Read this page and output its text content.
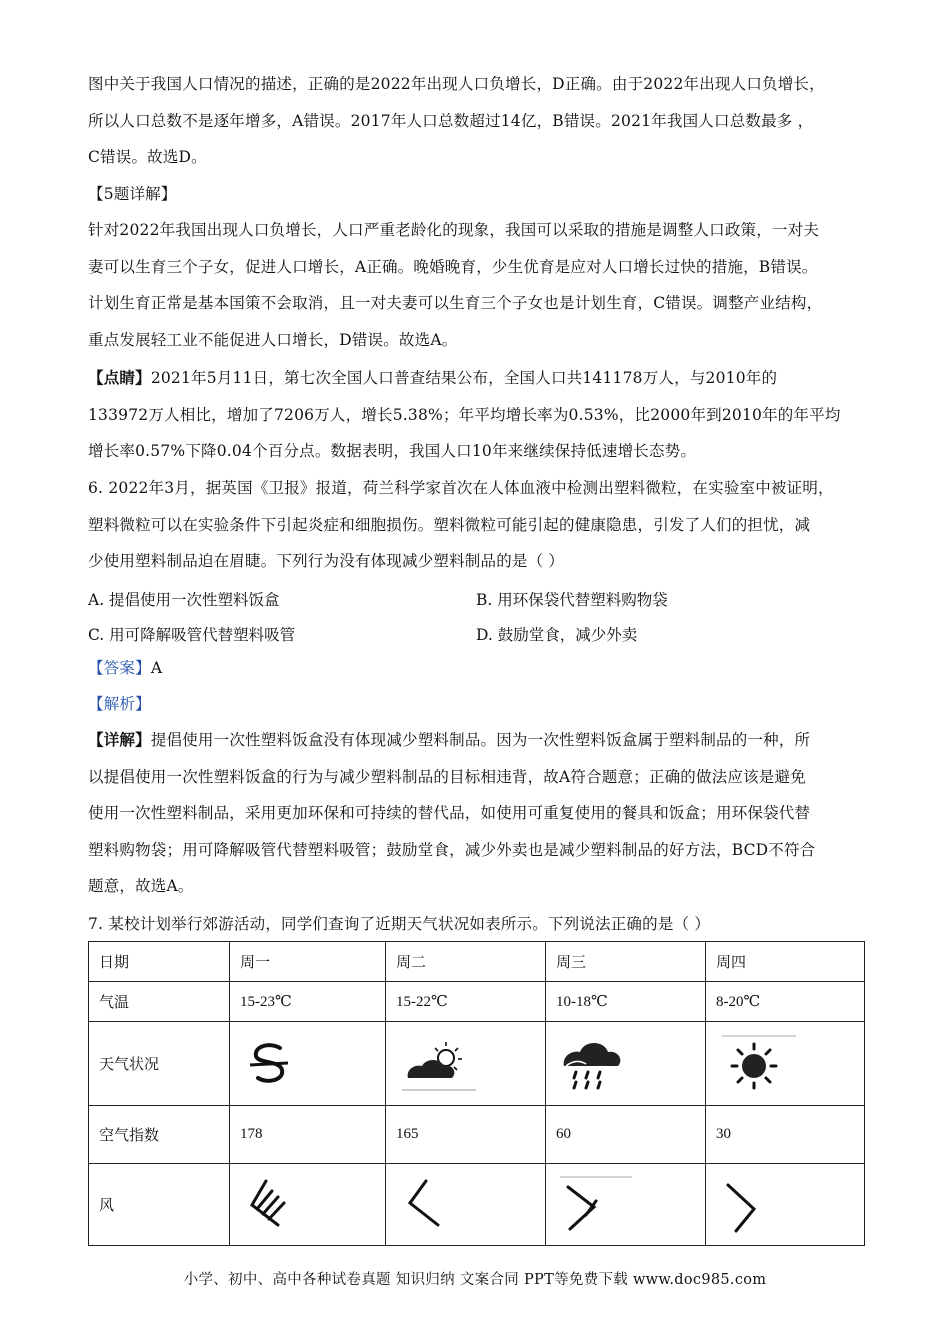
图中关于我国人口情况的描述，正确的是2022年出现人口负增长，D正确。由于2022年出现人口负增长，
所以人口总数不是逐年增多，A错误。2017年人口总数超过14亿，B错误。2021年我国人口总数最多 ，
C错误。故选D。
【5题详解】
针对2022年我国出现人口负增长，人口严重老龄化的现象，我国可以采取的措施是调整人口政策，一对夫
妻可以生育三个子女，促进人口增长，A正确。晚婚晚育，少生优育是应对人口增长过快的措施，B错误。
计划生育正常是基本国策不会取消，且一对夫妻可以生育三个子女也是计划生育，C错误。调整产业结构，
重点发展轻工业不能促进人口增长，D错误。故选A。
【点睛】2021年5月11日，第七次全国人口普查结果公布，全国人口共141178万人，与2010年的
133972万人相比，增加了7206万人，增长5.38%；年平均增长率为0.53%，比2000年到2010年的年平均
增长率0.57%下降0.04个百分点。数据表明，我国人口10年来继续保持低速增长态势。
6. 2022年3月，据英国《卫报》报道，荷兰科学家首次在人体血液中检测出塑料微粒，在实验室中被证明，
塑料微粒可以在实验条件下引起炎症和细胞损伤。塑料微粒可能引起的健康隐患，引发了人们的担忧，减
少使用塑料制品迫在眉睫。下列行为没有体现减少塑料制品的是（ ）
A. 提倡使用一次性塑料饭盒	B. 用环保袋代替塑料购物袋
C. 用可降解吸管代替塑料吸管	D. 鼓励堂食，减少外卖
【答案】A
【解析】
【详解】提倡使用一次性塑料饭盒没有体现减少塑料制品。因为一次性塑料饭盒属于塑料制品的一种，所
以提倡使用一次性塑料饭盒的行为与减少塑料制品的目标相违背，故A符合题意；正确的做法应该是避免
使用一次性塑料制品，采用更加环保和可持续的替代品，如使用可重复使用的餐具和饭盒；用环保袋代替
塑料购物袋；用可降解吸管代替塑料吸管；鼓励堂食，减少外卖也是减少塑料制品的好方法，BCD不符合
题意，故选A。
7. 某校计划举行郊游活动，同学们查询了近期天气状况如表所示。下列说法正确的是（ ）
日期	周一	周二	周三	周四
气温	15-23℃	15-22℃	10-18℃	8-20℃
天气状况	

空气指数	178	165	60	30
风	

小学、初中、高中各种试卷真题 知识归纳 文案合同 PPT等免费下载 www.doc985.com
